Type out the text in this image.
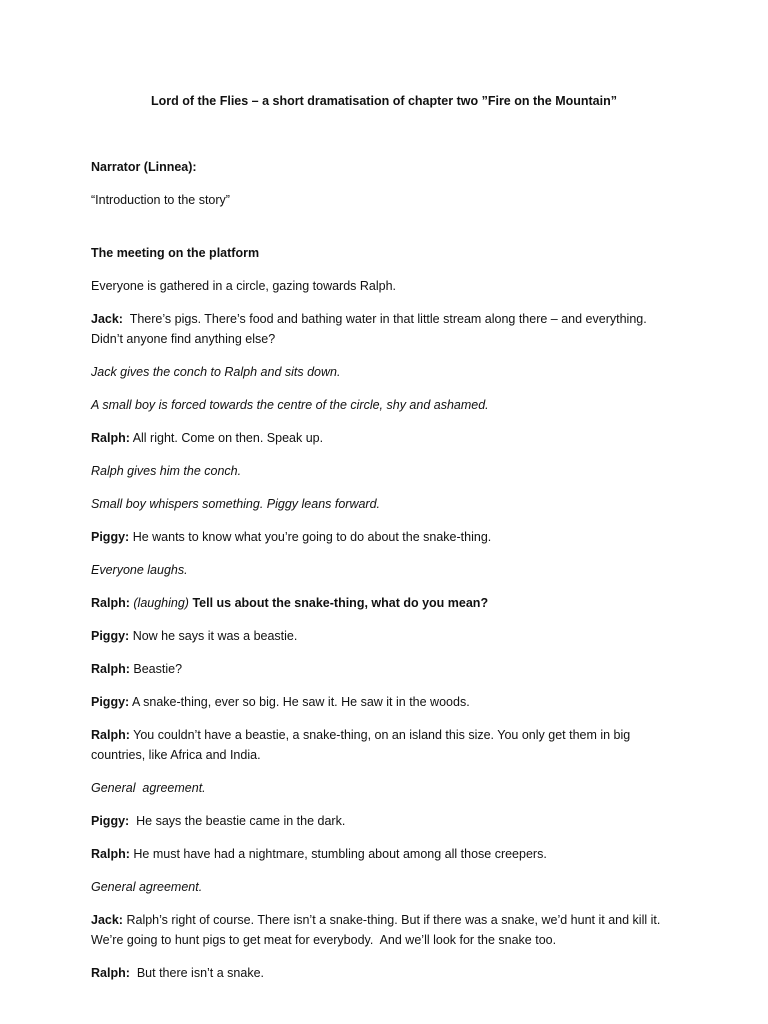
Lord of the Flies – a short dramatisation of chapter two ”Fire on the Mountain”
Narrator (Linnea):
“Introduction to the story”
The meeting on the platform
Everyone is gathered in a circle, gazing towards Ralph.
Jack: There’s pigs. There’s food and bathing water in that little stream along there – and everything. Didn’t anyone find anything else?
Jack gives the conch to Ralph and sits down.
A small boy is forced towards the centre of the circle, shy and ashamed.
Ralph: All right. Come on then. Speak up.
Ralph gives him the conch.
Small boy whispers something. Piggy leans forward.
Piggy: He wants to know what you’re going to do about the snake-thing.
Everyone laughs.
Ralph: (laughing) Tell us about the snake-thing, what do you mean?
Piggy: Now he says it was a beastie.
Ralph: Beastie?
Piggy: A snake-thing, ever so big. He saw it. He saw it in the woods.
Ralph: You couldn’t have a beastie, a snake-thing, on an island this size. You only get them in big countries, like Africa and India.
General  agreement.
Piggy: He says the beastie came in the dark.
Ralph: He must have had a nightmare, stumbling about among all those creepers.
General agreement.
Jack: Ralph’s right of course. There isn’t a snake-thing. But if there was a snake, we’d hunt it and kill it. We’re going to hunt pigs to get meat for everybody.  And we’ll look for the snake too.
Ralph: But there isn’t a snake.
